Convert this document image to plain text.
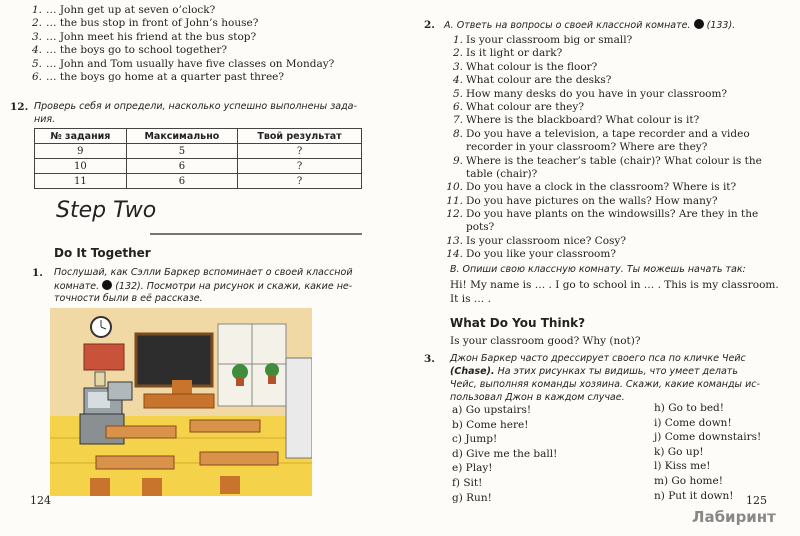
1. … John get up at seven o’clock?
2. … the bus stop in front of John’s house?
3. … John meet his friend at the bus stop?
4. … the boys go to school together?
5. … John and Tom usually have five classes on Monday?
6. … the boys go home at a quarter past three?
12. Проверь себя и определи, насколько успешно выполнены зада-
ния.
№ задания	Максимально	Твой результат
9	5	?
10	6	?
11	6	?
Step Two
Do It Together
1. Послушай, как Сэлли Баркер вспоминает о своей классной
комнате. (132). Посмотри на рисунок и скажи, какие не-
точности были в её рассказе.
124
2. A. Ответь на вопросы о своей классной комнате. (133).
1. Is your classroom big or small?
2. Is it light or dark?
3. What colour is the floor?
4. What colour are the desks?
5. How many desks do you have in your classroom?
6. What colour are they?
7. Where is the blackboard? What colour is it?
8. Do you have a television, a tape recorder and a video
recorder in your classroom? Where are they?
9. Where is the teacher’s table (chair)? What colour is the
table (chair)?
10. Do you have a clock in the classroom? Where is it?
11. Do you have pictures on the walls? How many?
12. Do you have plants on the windowsills? Are they in the
pots?
13. Is your classroom nice? Cosy?
14. Do you like your classroom?
B. Опиши свою классную комнату. Ты можешь начать так:
Hi! My name is … . I go to school in … . This is my classroom.
It is … .
What Do You Think?
Is your classroom good? Why (not)?
3. Джон Баркер часто дрессирует своего пса по кличке Чейс
(Chase). На этих рисунках ты видишь, что умеет делать
Чейс, выполняя команды хозяина. Скажи, какие команды ис-
пользовал Джон в каждом случае.
a) Go upstairs!
b) Come here!
c) Jump!
d) Give me the ball!
e) Play!
f) Sit!
g) Run!
h) Go to bed!
i) Come down!
j) Come downstairs!
k) Go up!
l) Kiss me!
m) Go home!
n) Put it down!	125
Лабиринт
